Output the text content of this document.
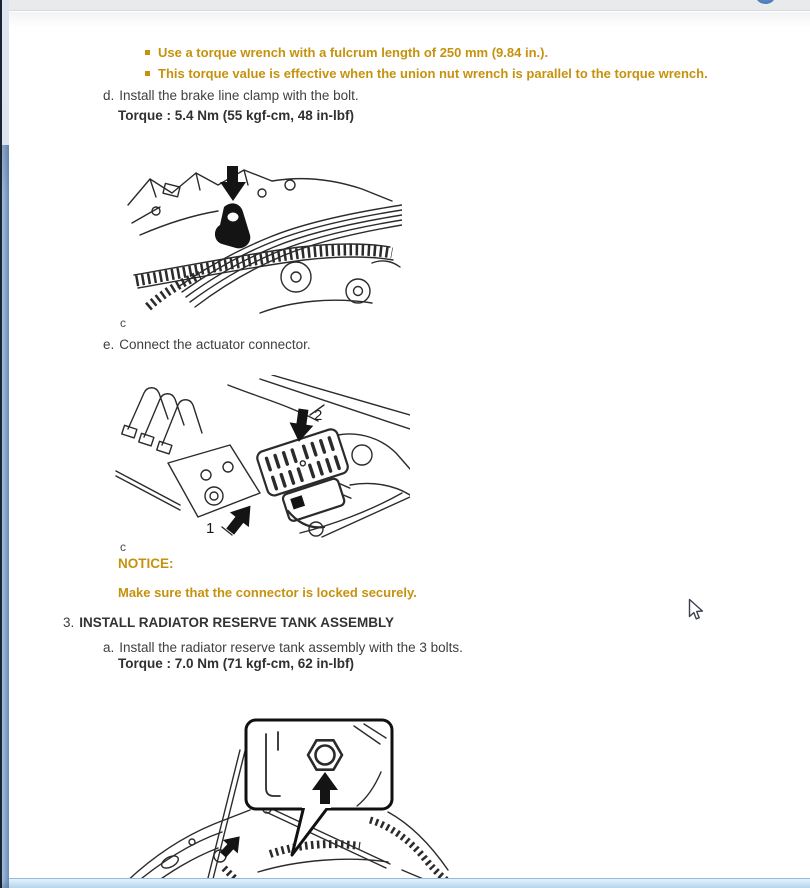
Use a torque wrench with a fulcrum length of 250 mm (9.84 in.).
This torque value is effective when the union nut wrench is parallel to the torque wrench.
d. Install the brake line clamp with the bolt.
Torque : 5.4 Nm (55 kgf-cm, 48 in-lbf)
c
e. Connect the actuator connector.
2
1
c
NOTICE:
Make sure that the connector is locked securely.
3. INSTALL RADIATOR RESERVE TANK ASSEMBLY
a. Install the radiator reserve tank assembly with the 3 bolts.
Torque : 7.0 Nm (71 kgf-cm, 62 in-lbf)
